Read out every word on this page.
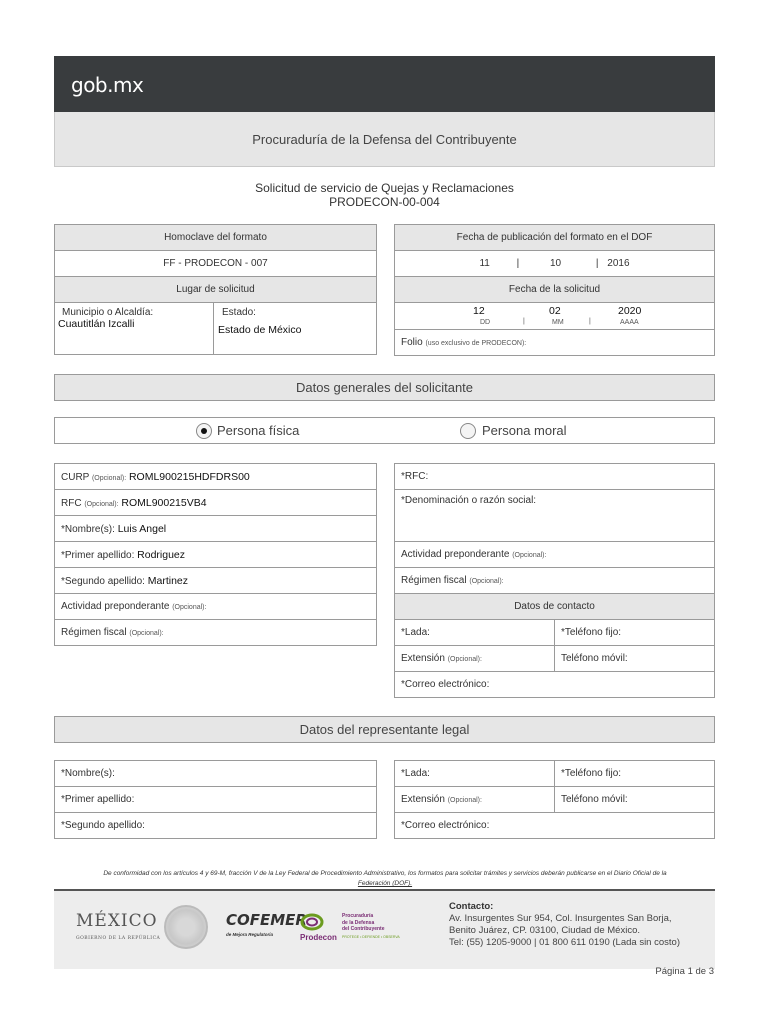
gob.mx
Procuraduría de la Defensa del Contribuyente
Solicitud de servicio de Quejas y Reclamaciones
PRODECON-00-004
Homoclave del formato
FF - PRODECON - 007
Lugar de solicitud

Municipio o Alcaldía:
Cuautitlán Izcalli

Estado:
Estado de México
Fecha de publicación del formato en el DOF
11	|	10	| 2016
Fecha de la solicitud

12	02	2020
DD	|	MM	|	AAAA

Folio (uso exclusivo de PRODECON):
Datos generales del solicitante
Persona física	Persona moral
CURP (Opcional): ROML900215HDFDRS00
RFC (Opcional): ROML900215VB4
*Nombre(s): Luis Angel
*Primer apellido: Rodriguez
*Segundo apellido: Martinez
Actividad preponderante (Opcional):
Régimen fiscal (Opcional):
*RFC:	
*Denominación o razón social:	
Actividad preponderante (Opcional):	
Régimen fiscal (Opcional):	
Datos de contacto	
*Lada:	*Teléfono fijo:
Extensión (Opcional):	Teléfono móvil:
*Correo electrónico:	
Datos del representante legal
*Nombre(s):
*Primer apellido:
*Segundo apellido:
*Lada:	*Teléfono fijo:
Extensión (Opcional):	Teléfono móvil:
*Correo electrónico:	
De conformidad con los artículos 4 y 69-M, fracción V de la Ley Federal de Procedimiento Administrativo, los formatos para solicitar trámites y servicios deberán publicarse en el Diario Oficial de la
Federación (DOF).
MÉXICO
GOBIERNO DE LA REPÚBLICA
COFEMER
de Mejora Regulatoria	Prodecon
Procuraduría
de la Defensa
del Contribuyente
PROTEGE • DEFIENDE • OBSERVA
Contacto:
Av. Insurgentes Sur 954, Col. Insurgentes San Borja,
Benito Juárez, CP. 03100, Ciudad de México.
Tel: (55) 1205-9000 | 01 800 611 0190 (Lada sin costo)
Página 1 de 3
